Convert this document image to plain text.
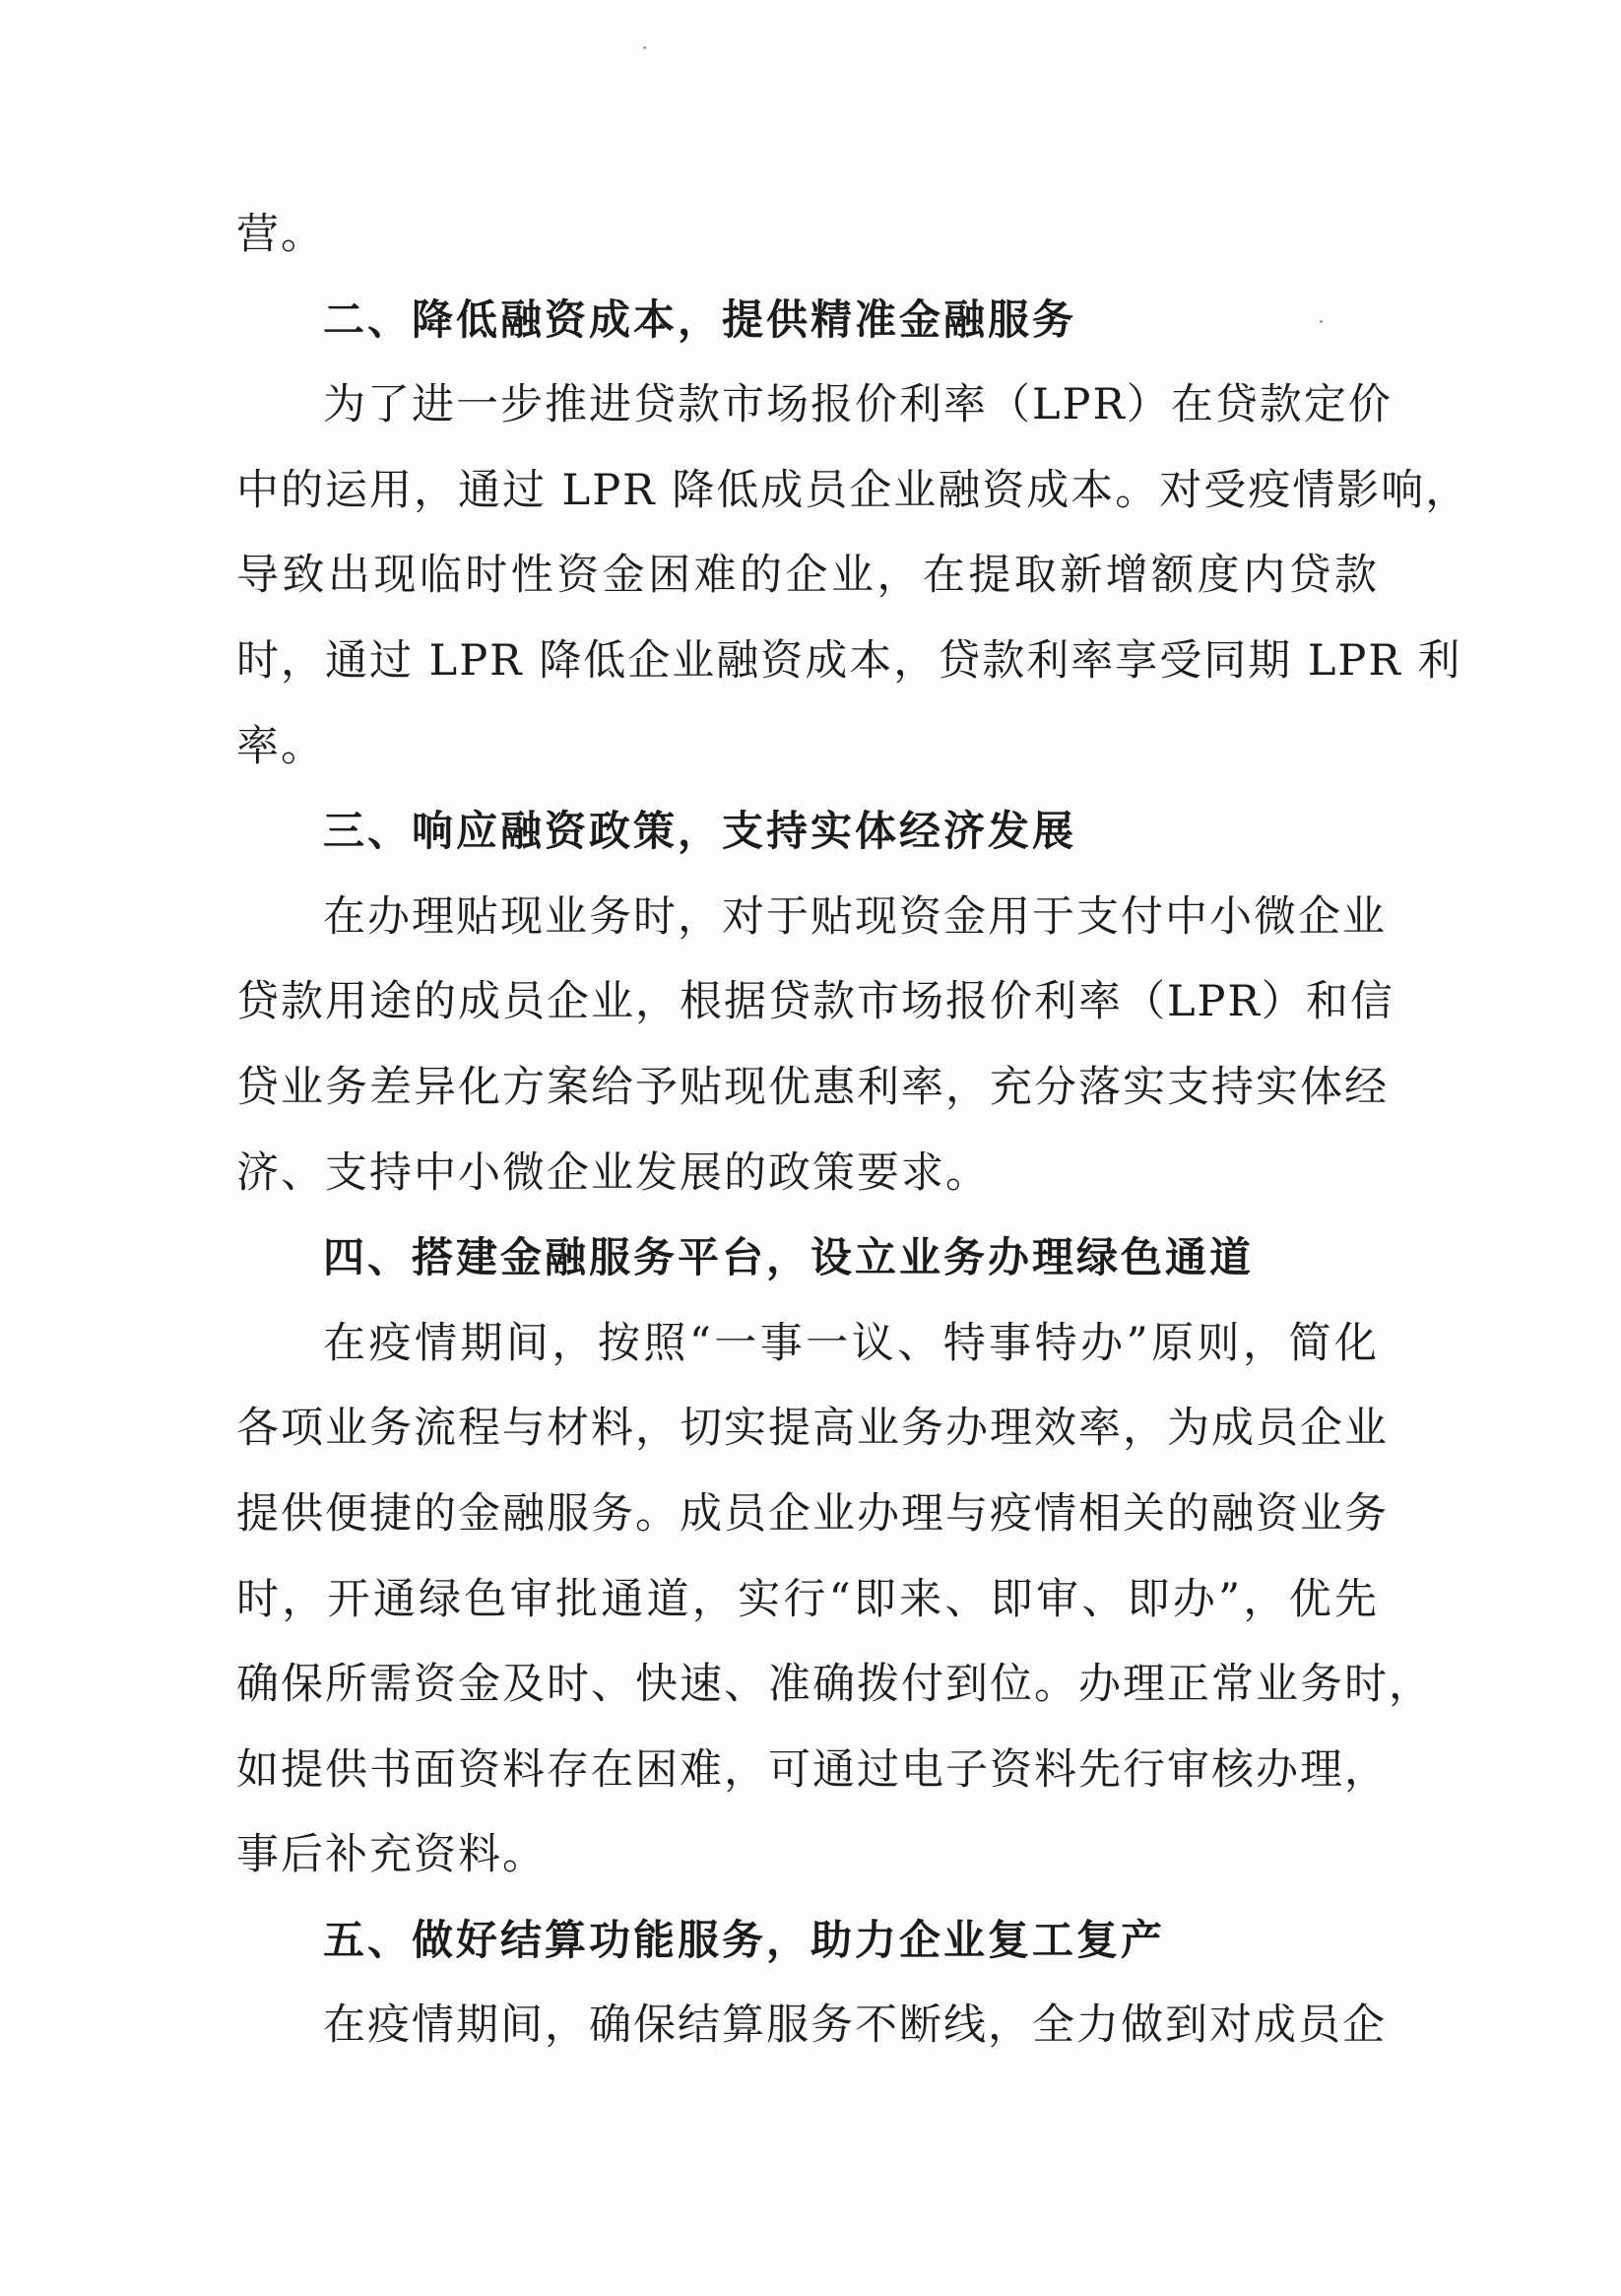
营。
二、降低融资成本，提供精准金融服务
为了进一步推进贷款市场报价利率（LPR）在贷款定价
中的运用，通过 LPR 降低成员企业融资成本。对受疫情影响，
导致出现临时性资金困难的企业，在提取新增额度内贷款
时，通过 LPR 降低企业融资成本，贷款利率享受同期 LPR 利
率。
三、响应融资政策，支持实体经济发展
在办理贴现业务时，对于贴现资金用于支付中小微企业
贷款用途的成员企业，根据贷款市场报价利率（LPR）和信
贷业务差异化方案给予贴现优惠利率，充分落实支持实体经
济、支持中小微企业发展的政策要求。
四、搭建金融服务平台，设立业务办理绿色通道
在疫情期间，按照“一事一议、特事特办”原则，简化
各项业务流程与材料，切实提高业务办理效率，为成员企业
提供便捷的金融服务。成员企业办理与疫情相关的融资业务
时，开通绿色审批通道，实行“即来、即审、即办”，优先
确保所需资金及时、快速、准确拨付到位。办理正常业务时，
如提供书面资料存在困难，可通过电子资料先行审核办理，
事后补充资料。
五、做好结算功能服务，助力企业复工复产
在疫情期间，确保结算服务不断线，全力做到对成员企
